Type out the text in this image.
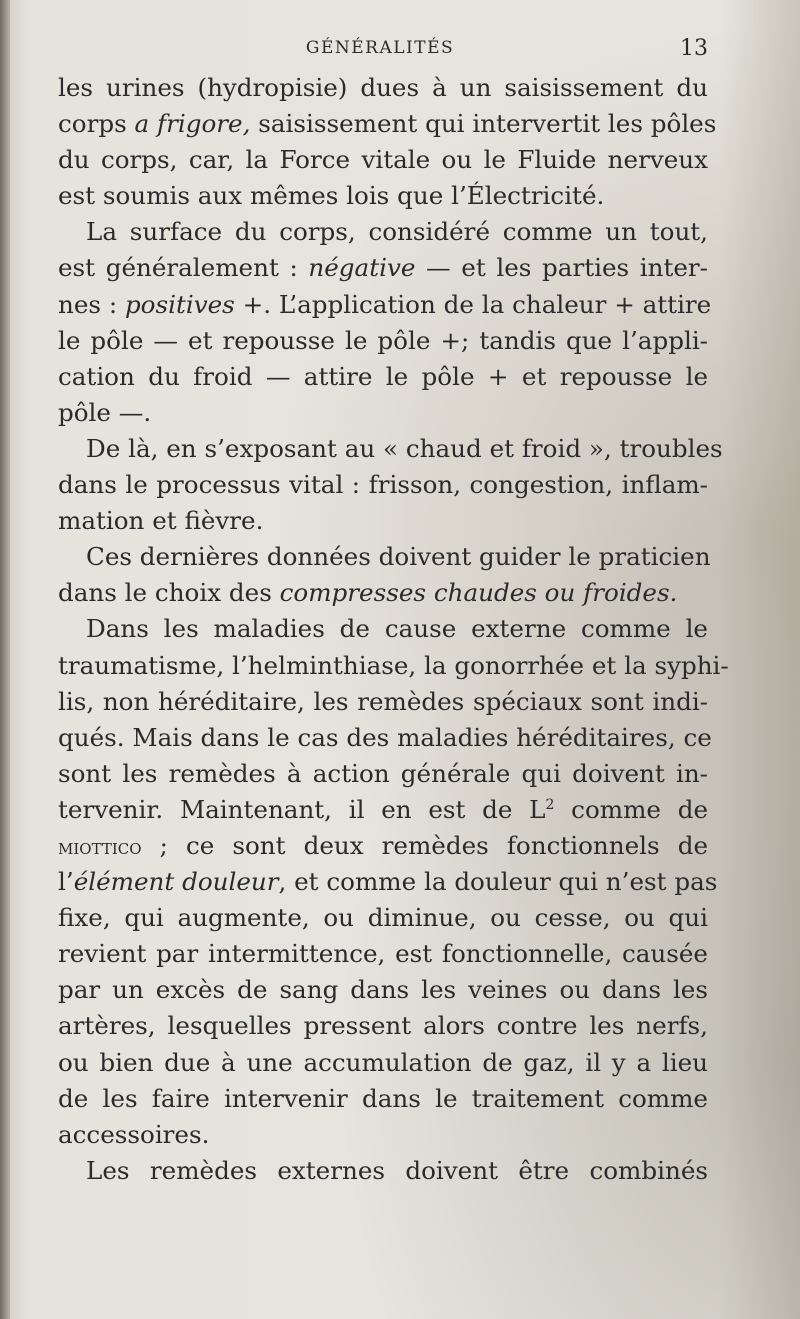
GÉNÉRALITÉS	13
les urines (hydropisie) dues à un saisissement du
corps a frigore, saisissement qui intervertit les pôles
du corps, car, la Force vitale ou le Fluide nerveux
est soumis aux mêmes lois que l’Électricité.
La surface du corps, considéré comme un tout,
est généralement : négative — et les parties inter-
nes : positives +. L’application de la chaleur + attire
le pôle — et repousse le pôle +; tandis que l’appli-
cation du froid — attire le pôle + et repousse le
pôle —.
De là, en s’exposant au « chaud et froid », troubles
dans le processus vital : frisson, congestion, inflam-
mation et fièvre.
Ces dernières données doivent guider le praticien
dans le choix des compresses chaudes ou froides.
Dans les maladies de cause externe comme le
traumatisme, l’helminthiase, la gonorrhée et la syphi-
lis, non héréditaire, les remèdes spéciaux sont indi-
qués. Mais dans le cas des maladies héréditaires, ce
sont les remèdes à action générale qui doivent in-
tervenir. Maintenant, il en est de $L^2$ comme de
miottico ; ce sont deux remèdes fonctionnels de
l’élément douleur, et comme la douleur qui n’est pas
fixe, qui augmente, ou diminue, ou cesse, ou qui
revient par intermittence, est fonctionnelle, causée
par un excès de sang dans les veines ou dans les
artères, lesquelles pressent alors contre les nerfs,
ou bien due à une accumulation de gaz, il y a lieu
de les faire intervenir dans le traitement comme
accessoires.
Les remèdes externes doivent être combinés
